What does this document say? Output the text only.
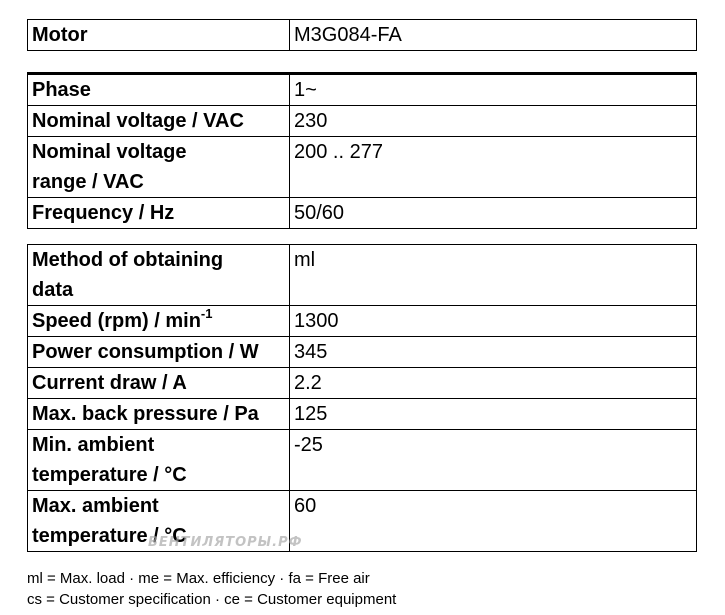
Motor	M3G084-FA
Phase	1~
Nominal voltage / VAC	230
Nominal voltage
range / VAC	200 .. 277
Frequency / Hz	50/60
Method of obtaining
data	ml
Speed $(rpm) / \min^{-1}$	1300
Power consumption / W	345
Current draw / A	2.2
Max. back pressure / Pa	125
Min. ambient
temperature / °C	-25
Max. ambient
temperature / °C	60
ВЕНТИЛЯТОРЫ.РФ
ml = Max. load · me = Max. efficiency · fa = Free air
cs = Customer specification · ce = Customer equipment
